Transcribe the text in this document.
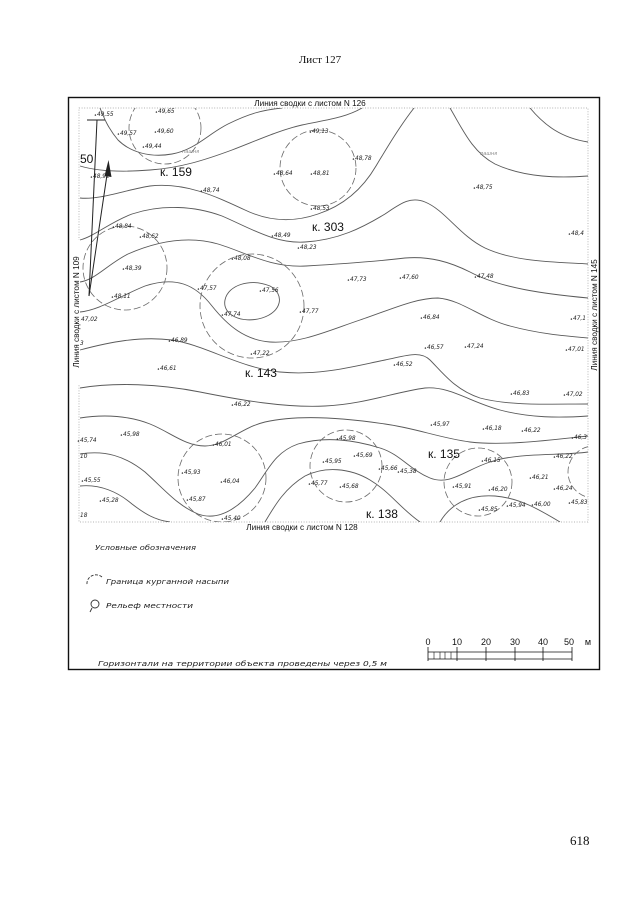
Лист 127
618
49,55	49,65
49,57	49,60
49,44
49,13
48,78
48,92	48,64	48,81
48,74
48,53
48,75
48,84
48,62	48,49
48,23
48,4
48,08
48,39
47,73	47,60	47,48
47,57	47,56
48,11
47,74	47,77
47,02	46,84	47,1
46,89
46,57	47,24
47,22
47,01
46,61
46,52
46,83	47,02
46,22
45,97
46,18	46,22
45,98
45,74	46,3
46,01
45,98
45,69	46,22
45,95	46,15
45,66 45,38
45,93
46,21
45,55	46,04	45,77 45,68	45,91	46,20	46,24
45,28	45,87
45,94 46,00	45,83
45,85
45,40
пашня	пашня
50
3
10
18
к. 159
к. 303
к. 143
к. 135
к. 138
Линия сводки с листом N 126
Линия сводки с листом N 128
Линия сводки с листом N 109	Линия сводки с листом N 145
Условные обозначения
Граница курганной насыпи
Рельеф местности
Горизонтали на территории объекта проведены через 0,5 м
0 10 20 30 40 50 м
